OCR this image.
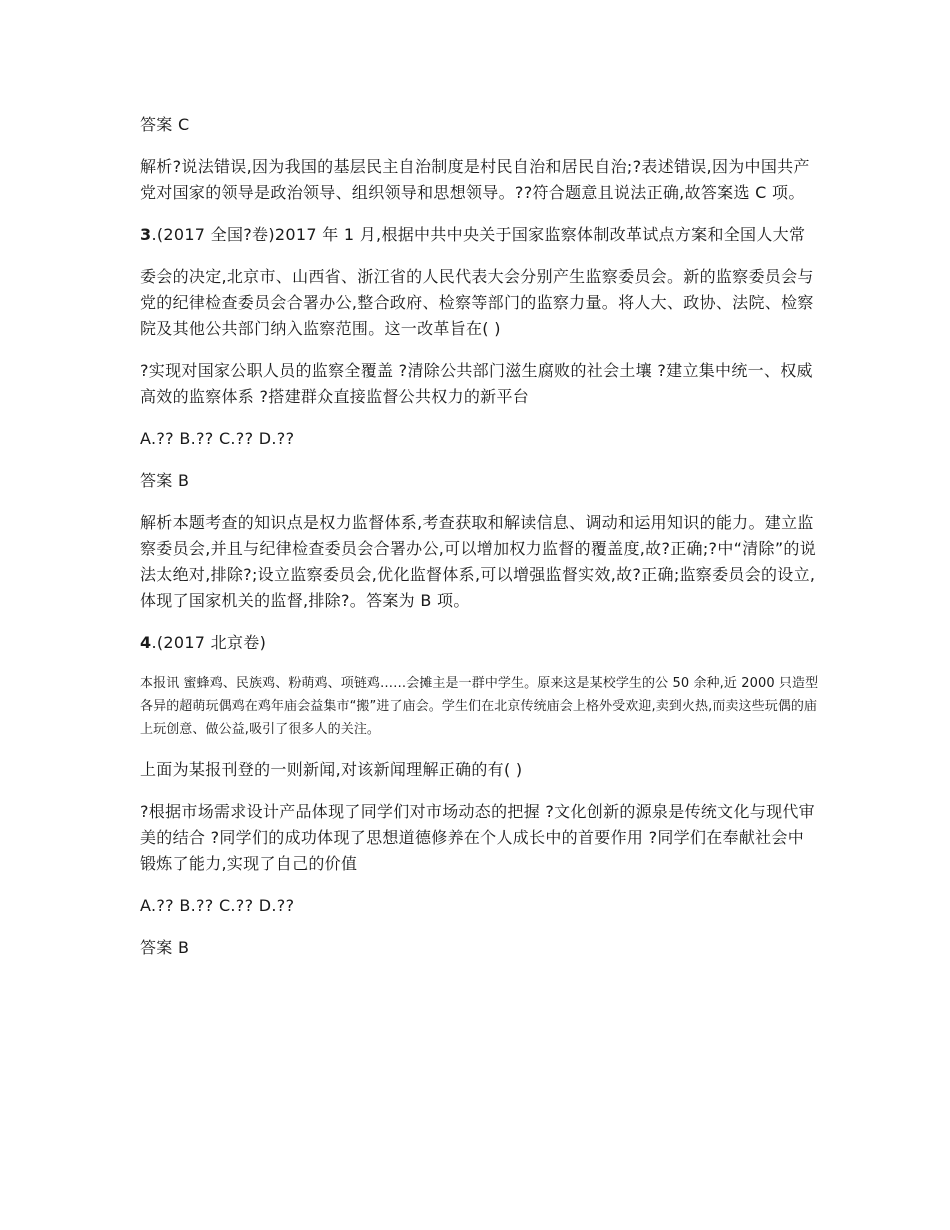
答案 C

解析?说法错误,因为我国的基层民主自治制度是村民自治和居民自治;?表述错误,因为中国共产党对国家的领导是政治领导、组织领导和思想领导。??符合题意且说法正确,故答案选 C 项。

3.(2017 全国?卷)2017 年 1 月,根据中共中央关于国家监察体制改革试点方案和全国人大常

委会的决定,北京市、山西省、浙江省的人民代表大会分别产生监察委员会。新的监察委员会与党的纪律检查委员会合署办公,整合政府、检察等部门的监察力量。将人大、政协、法院、检察院及其他公共部门纳入监察范围。这一改革旨在( )

?实现对国家公职人员的监察全覆盖 ?清除公共部门滋生腐败的社会土壤 ?建立集中统一、权威高效的监察体系 ?搭建群众直接监督公共权力的新平台

A.?? B.?? C.?? D.??

答案 B

解析本题考查的知识点是权力监督体系,考查获取和解读信息、调动和运用知识的能力。建立监察委员会,并且与纪律检查委员会合署办公,可以增加权力监督的覆盖度,故?正确;?中“清除”的说法太绝对,排除?;设立监察委员会,优化监督体系,可以增强监督实效,故?正确;监察委员会的设立,体现了国家机关的监督,排除?。答案为 B 项。

4.(2017 北京卷)

本报讯 蜜蜂鸡、民族鸡、粉萌鸡、项链鸡……会摊主是一群中学生。原来这是某校学生的公 50 余种,近 2000 只造型各异的超萌玩偶鸡在鸡年庙会益集市“搬”进了庙会。学生们在北京传统庙会上格外受欢迎,卖到火热,而卖这些玩偶的庙 上玩创意、做公益,吸引了很多人的关注。

上面为某报刊登的一则新闻,对该新闻理解正确的有( )

?根据市场需求设计产品体现了同学们对市场动态的把握 ?文化创新的源泉是传统文化与现代审美的结合 ?同学们的成功体现了思想道德修养在个人成长中的首要作用 ?同学们在奉献社会中锻炼了能力,实现了自己的价值

A.?? B.?? C.?? D.??

答案 B
